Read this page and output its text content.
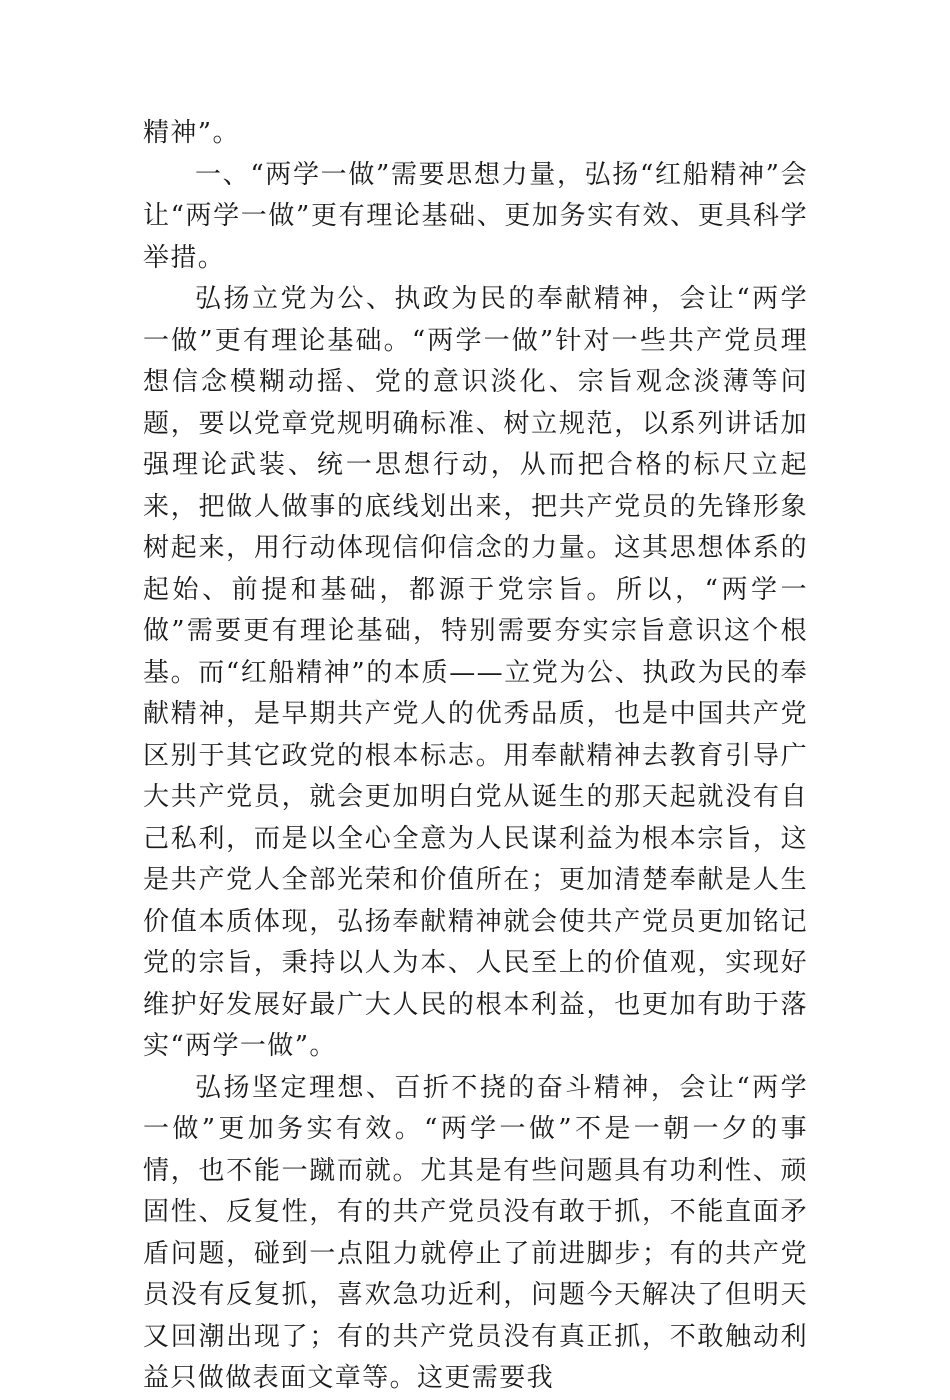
精神”。

一、“两学一做”需要思想力量，弘扬“红船精神”会让“两学一做”更有理论基础、更加务实有效、更具科学举措。

弘扬立党为公、执政为民的奉献精神，会让“两学一做”更有理论基础。“两学一做”针对一些共产党员理想信念模糊动摇、党的意识淡化、宗旨观念淡薄等问题，要以党章党规明确标准、树立规范，以系列讲话加强理论武装、统一思想行动，从而把合格的标尺立起来，把做人做事的底线划出来，把共产党员的先锋形象树起来，用行动体现信仰信念的力量。这其思想体系的起始、前提和基础，都源于党宗旨。所以，“两学一做”需要更有理论基础，特别需要夯实宗旨意识这个根基。而“红船精神”的本质——立党为公、执政为民的奉献精神，是早期共产党人的优秀品质，也是中国共产党区别于其它政党的根本标志。用奉献精神去教育引导广大共产党员，就会更加明白党从诞生的那天起就没有自己私利，而是以全心全意为人民谋利益为根本宗旨，这是共产党人全部光荣和价值所在；更加清楚奉献是人生价值本质体现，弘扬奉献精神就会使共产党员更加铭记党的宗旨，秉持以人为本、人民至上的价值观，实现好维护好发展好最广大人民的根本利益，也更加有助于落实“两学一做”。

弘扬坚定理想、百折不挠的奋斗精神，会让“两学一做”更加务实有效。“两学一做”不是一朝一夕的事情，也不能一蹴而就。尤其是有些问题具有功利性、顽固性、反复性，有的共产党员没有敢于抓，不能直面矛盾问题，碰到一点阻力就停止了前进脚步；有的共产党员没有反复抓，喜欢急功近利，问题今天解决了但明天又回潮出现了；有的共产党员没有真正抓，不敢触动利益只做做表面文章等。这更需要我
